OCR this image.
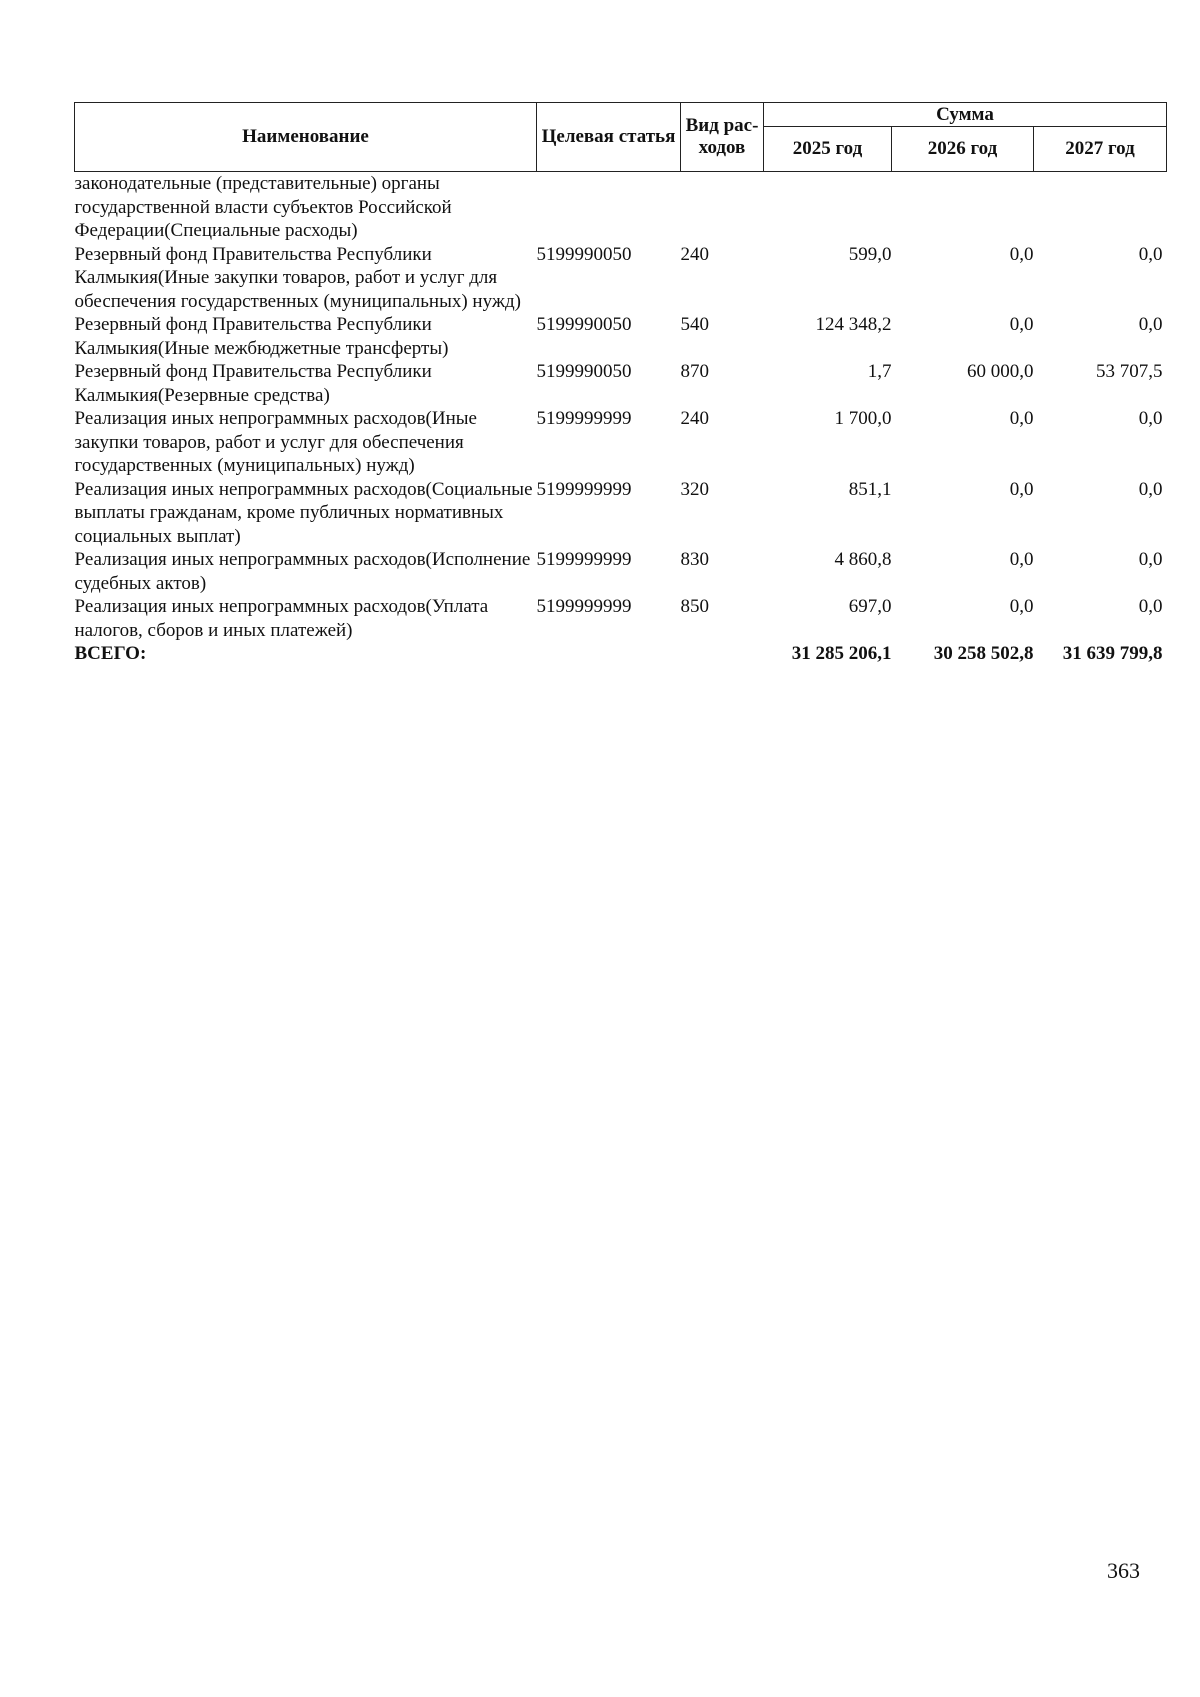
Наименование	Целевая статья	Вид рас-ходов	Сумма		
			2025 год	2026 год	2027 год
законодательные (представительные) органы государственной власти субъектов Российской Федерации(Специальные расходы)					
Резервный фонд Правительства Республики Калмыкия(Иные закупки товаров, работ и услуг для обеспечения государственных (муниципальных) нужд)	5199990050	240	599,0	0,0	0,0
Резервный фонд Правительства Республики Калмыкия(Иные межбюджетные трансферты)	5199990050	540	124 348,2	0,0	0,0
Резервный фонд Правительства Республики Калмыкия(Резервные средства)	5199990050	870	1,7	60 000,0	53 707,5
Реализация иных непрограммных расходов(Иные закупки товаров, работ и услуг для обеспечения государственных (муниципальных) нужд)	5199999999	240	1 700,0	0,0	0,0
Реализация иных непрограммных расходов(Социальные выплаты гражданам, кроме публичных нормативных социальных выплат)	5199999999	320	851,1	0,0	0,0
Реализация иных непрограммных расходов(Исполнение судебных актов)	5199999999	830	4 860,8	0,0	0,0
Реализация иных непрограммных расходов(Уплата налогов, сборов и иных платежей)	5199999999	850	697,0	0,0	0,0
ВСЕГО:			31 285 206,1	30 258 502,8	31 639 799,8
363
